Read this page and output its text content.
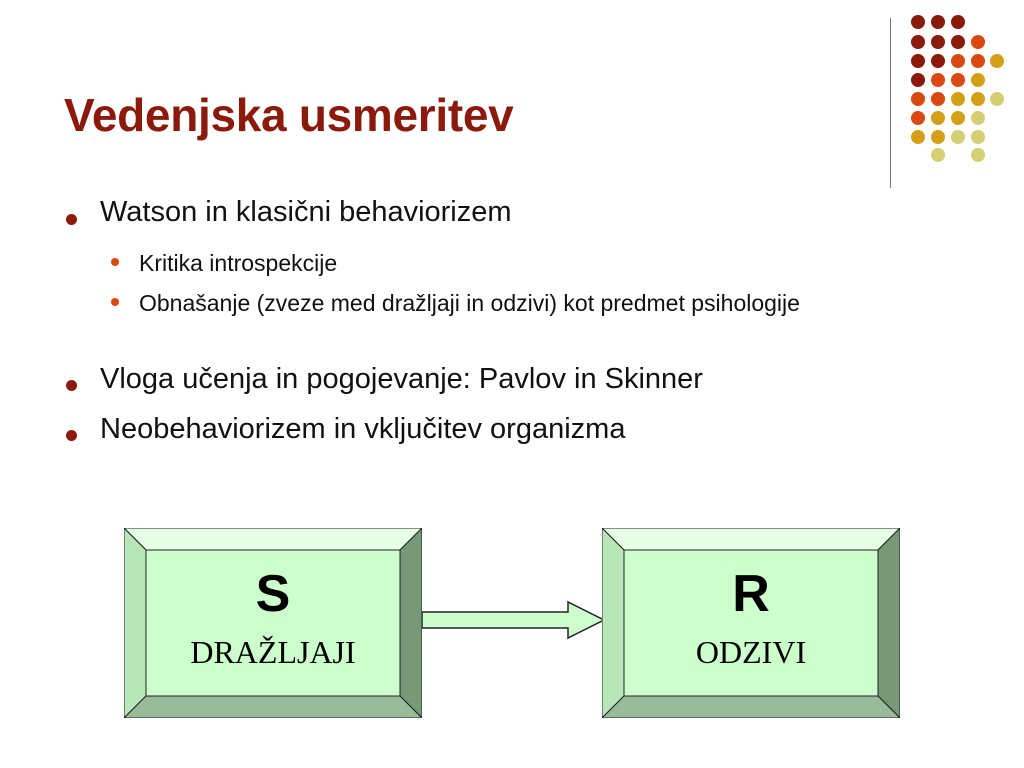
Vedenjska usmeritev
Watson in klasični behaviorizem
Kritika introspekcije
Obnašanje (zveze med dražljaji in odzivi) kot predmet psihologije
Vloga učenja in pogojevanje: Pavlov in Skinner
Neobehaviorizem in vključitev organizma
S
DRAŽLJAJI
R
ODZIVI
